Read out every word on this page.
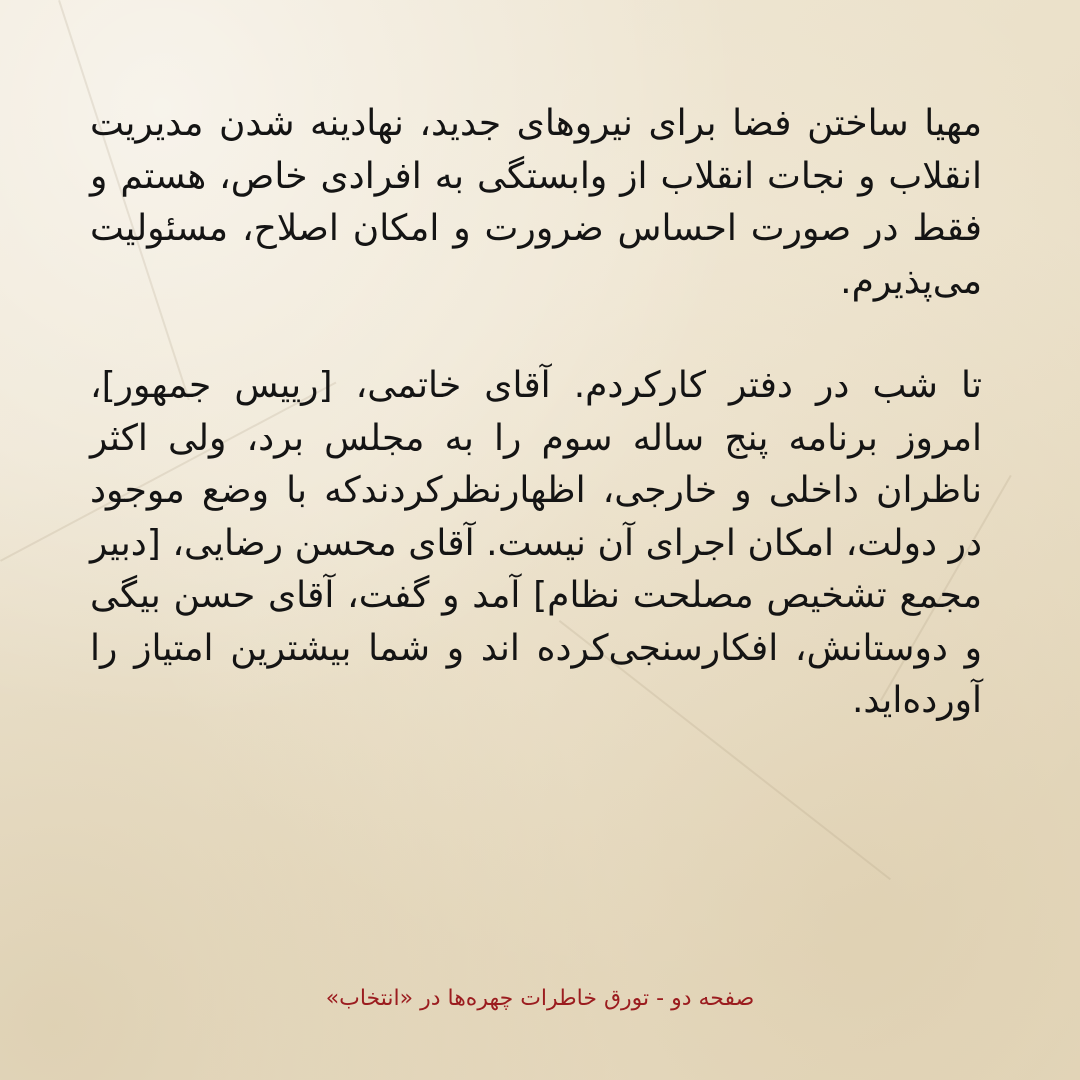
مهیا ساختن فضا برای نیروهای جدید، نهادینه شدن مدیریت انقلاب و نجات انقلاب از وابستگی به افرادی خاص، هستم و فقط در صورت احساس ضرورت و امکان اصلاح، مسئولیت می‌پذیرم.

تا شب در دفتر کارکردم. آقای خاتمی، [رییس جمهور]، امروز برنامه پنج ساله سوم را به مجلس برد، ولی اکثر ناظران داخلی و خارجی، اظهارنظرکردندکه با وضع موجود در دولت، امکان اجرای آن نیست. آقای محسن رضایی، [دبیر مجمع تشخیص مصلحت نظام] آمد و گفت، آقای حسن بیگی و دوستانش، افکارسنجی‌کرده اند و شما بیشترین امتیاز را آورده‌اید.

صفحه دو - تورق خاطرات چهره‌ها در «انتخاب»
